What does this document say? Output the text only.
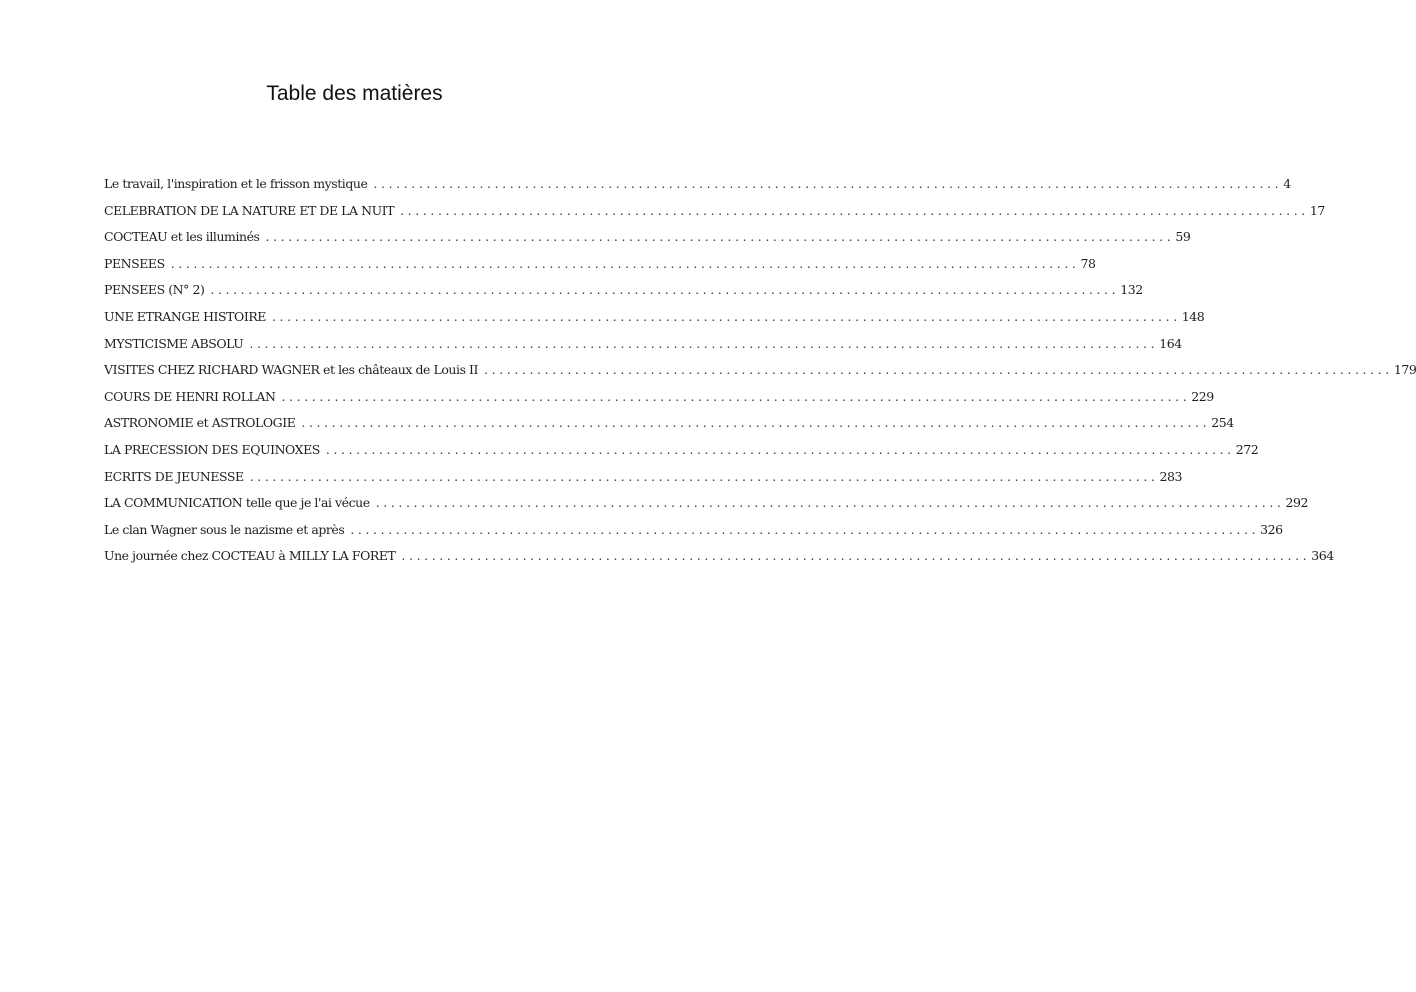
Table des matières
Le travail, l'inspiration et le frisson mystique ........................................................................................................................ 4
CELEBRATION DE LA NATURE ET DE LA NUIT ........................................................................................................................ 17
COCTEAU et les illuminés ........................................................................................................................ 59
PENSEES ........................................................................................................................ 78
PENSEES (N° 2) ........................................................................................................................ 132
UNE ETRANGE HISTOIRE ........................................................................................................................ 148
MYSTICISME ABSOLU ........................................................................................................................ 164
VISITES CHEZ RICHARD WAGNER et les châteaux de Louis II ........................................................................................................................ 179
COURS DE HENRI ROLLAN ........................................................................................................................ 229
ASTRONOMIE et ASTROLOGIE ........................................................................................................................ 254
LA PRECESSION DES EQUINOXES ........................................................................................................................ 272
ECRITS DE JEUNESSE ........................................................................................................................ 283
LA COMMUNICATION telle que je l'ai vécue ........................................................................................................................ 292
Le clan Wagner sous le nazisme et après ........................................................................................................................ 326
Une journée chez COCTEAU à MILLY LA FORET ........................................................................................................................ 364
